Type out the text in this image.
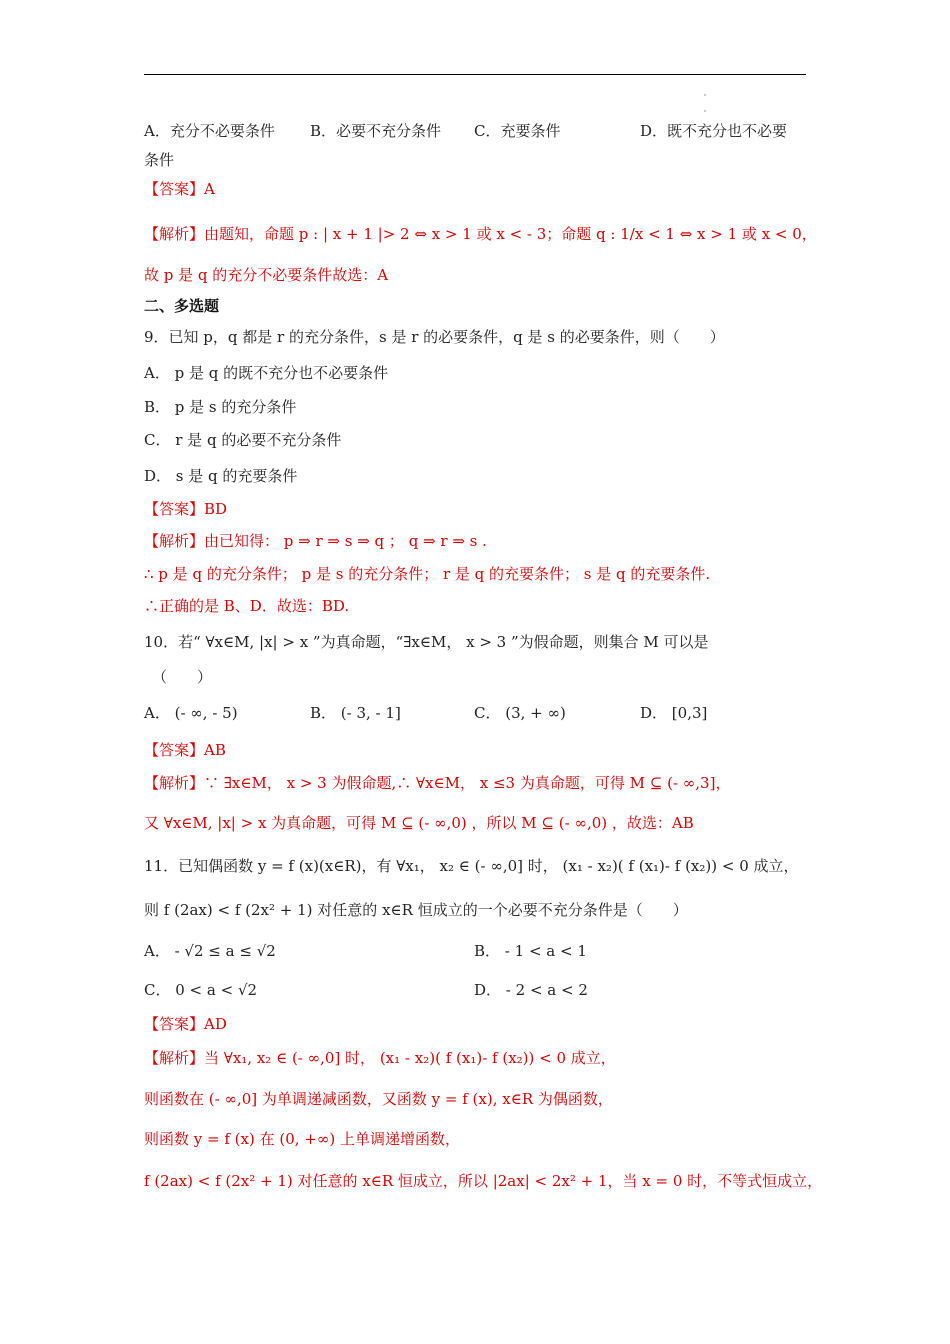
A．充分不必要条件 B．必要不充分条件 C．充要条件	D．既不充分也不必要
条件
【答案】A
【解析】由题知，命题 p : | x + 1 |> 2 ⇔ x > 1 或 x < - 3；命题 q : 1/x < 1 ⇔ x > 1 或 x < 0，
故 p 是 q 的充分不必要条件故选：A
二、多选题
9．已知 p，q 都是 r 的充分条件，s 是 r 的必要条件，q 是 s 的必要条件，则（　　）
A． p 是 q 的既不充分也不必要条件
B． p 是 s 的充分条件
C． r 是 q 的必要不充分条件
D． s 是 q 的充要条件
【答案】BD
【解析】由已知得： p ⇒ r ⇒ s ⇒ q ； q ⇒ r ⇒ s .
∴ p 是 q 的充分条件； p 是 s 的充分条件； r 是 q 的充要条件； s 是 q 的充要条件.
∴正确的是 B、D．故选：BD.
10．若“ ∀x∈M, |x| > x ”为真命题，“∃x∈M， x > 3 ”为假命题，则集合 M 可以是
（　　）
A． (- ∞, - 5)	B． (- 3, - 1]	C． (3, + ∞)	D． [0,3]
【答案】AB
【解析】∵ ∃x∈M， x > 3 为假命题,∴ ∀x∈M， x ≤3 为真命题，可得 M ⊆ (- ∞,3]，
又 ∀x∈M, |x| > x 为真命题，可得 M ⊆ (- ∞,0) ，所以 M ⊆ (- ∞,0) ，故选：AB
11．已知偶函数 y = f (x)(x∈R)，有 ∀x₁， x₂ ∈ (- ∞,0] 时， (x₁ - x₂)( f (x₁)- f (x₂)) < 0 成立，
则 f (2ax) < f (2x² + 1) 对任意的 x∈R 恒成立的一个必要不充分条件是（　　）
A． - √2 ≤ a ≤ √2	B． - 1 < a < 1
C． 0 < a < √2	D． - 2 < a < 2
【答案】AD
【解析】当 ∀x₁, x₂ ∈ (- ∞,0] 时， (x₁ - x₂)( f (x₁)- f (x₂)) < 0 成立，
则函数在 (- ∞,0] 为单调递减函数，又函数 y = f (x), x∈R 为偶函数，
则函数 y = f (x) 在 (0, +∞) 上单调递增函数，
f (2ax) < f (2x² + 1) 对任意的 x∈R 恒成立，所以 |2ax| < 2x² + 1，当 x = 0 时，不等式恒成立，
